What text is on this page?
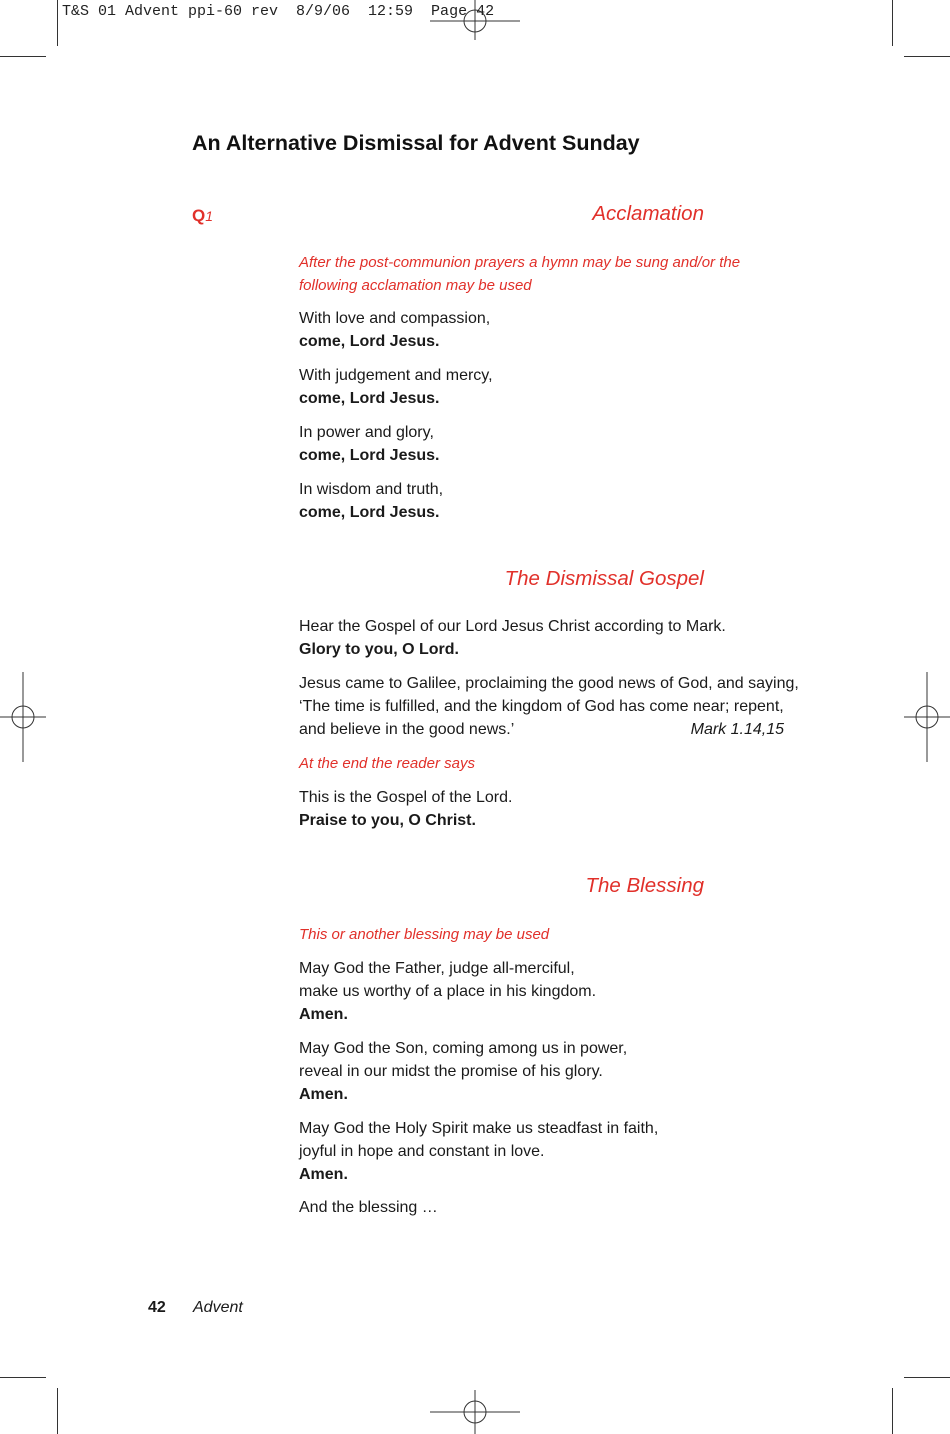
T&S 01 Advent ppi-60 rev  8/9/06  12:59  Page 42
An Alternative Dismissal for Advent Sunday
Q1	Acclamation
After the post-communion prayers a hymn may be sung and/or the
following acclamation may be used
With love and compassion,
come, Lord Jesus.
With judgement and mercy,
come, Lord Jesus.
In power and glory,
come, Lord Jesus.
In wisdom and truth,
come, Lord Jesus.
The Dismissal Gospel
Hear the Gospel of our Lord Jesus Christ according to Mark.
Glory to you, O Lord.
Jesus came to Galilee, proclaiming the good news of God, and saying,
‘The time is fulfilled, and the kingdom of God has come near; repent,
and believe in the good news.’	Mark 1.14,15
At the end the reader says
This is the Gospel of the Lord.
Praise to you, O Christ.
The Blessing
This or another blessing may be used
May God the Father, judge all-merciful,
make us worthy of a place in his kingdom.
Amen.
May God the Son, coming among us in power,
reveal in our midst the promise of his glory.
Amen.
May God the Holy Spirit make us steadfast in faith,
joyful in hope and constant in love.
Amen.
And the blessing …
42 Advent
